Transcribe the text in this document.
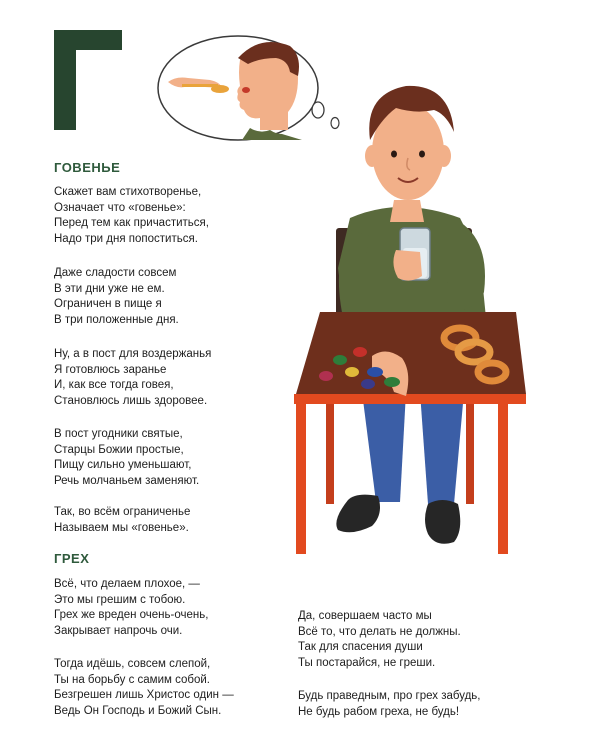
ГОВЕНЬЕ
Скажет вам стихотворенье,
Означает что «говенье»:
Перед тем как причаститься,
Надо три дня попоститься.
Даже сладости совсем
В эти дни уже не ем.
Ограничен в пище я
В три положенные дня.
Ну, а в пост для воздержанья
Я готовлюсь заранье
И, как все тогда говея,
Становлюсь лишь здоровее.
В пост угодники святые,
Старцы Божии простые,
Пищу сильно уменьшают,
Речь молчаньем заменяют.
Так, во всём ограниченье
Называем мы «говенье».
ГРЕХ
Всё, что делаем плохое, —
Это мы грешим с тобою.
Грех же вреден очень-очень,
Закрывает напрочь очи.
Тогда идёшь, совсем слепой,
Ты на борьбу с самим собой.
Безгрешен лишь Христос один —
Ведь Он Господь и Божий Сын.
Да, совершаем часто мы
Всё то, что делать не должны.
Так для спасения души
Ты постарайся, не греши.
Будь праведным, про грех забудь,
Не будь рабом греха, не будь!
